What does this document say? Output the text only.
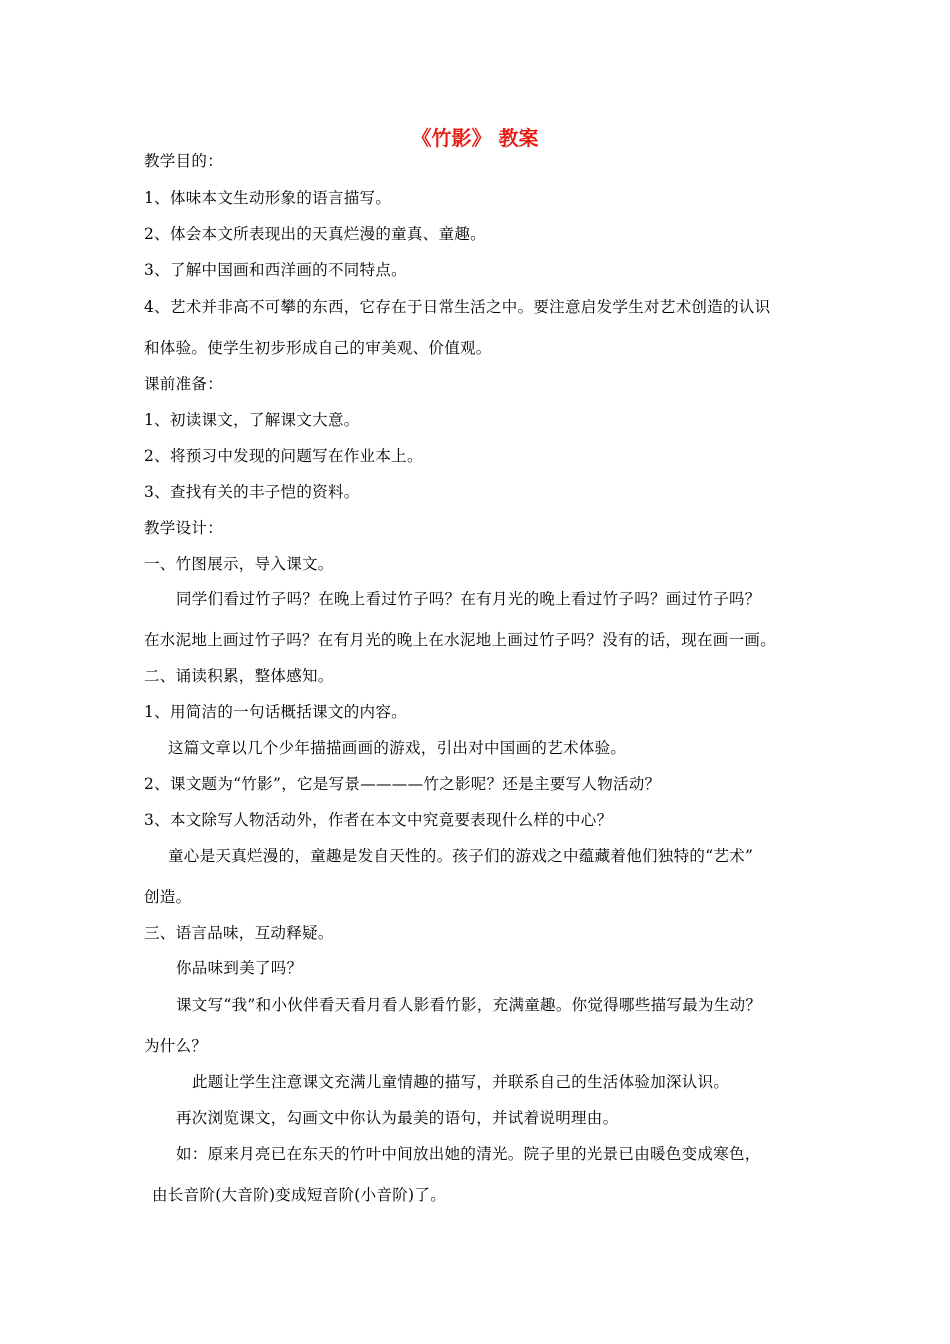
《竹影》 教案
教学目的：
1、体味本文生动形象的语言描写。
2、体会本文所表现出的天真烂漫的童真、童趣。
3、了解中国画和西洋画的不同特点。
4、艺术并非高不可攀的东西，它存在于日常生活之中。要注意启发学生对艺术创造的认识
和体验。使学生初步形成自己的审美观、价值观。
课前准备：
1、初读课文，了解课文大意。
2、将预习中发现的问题写在作业本上。
3、查找有关的丰子恺的资料。
教学设计：
一、竹图展示，导入课文。
同学们看过竹子吗？在晚上看过竹子吗？在有月光的晚上看过竹子吗？画过竹子吗？
在水泥地上画过竹子吗？在有月光的晚上在水泥地上画过竹子吗？没有的话，现在画一画。
二、诵读积累，整体感知。
1、用简洁的一句话概括课文的内容。
这篇文章以几个少年描描画画的游戏，引出对中国画的艺术体验。
2、课文题为“竹影”，它是写景————竹之影呢？还是主要写人物活动？
3、本文除写人物活动外，作者在本文中究竟要表现什么样的中心？
童心是天真烂漫的，童趣是发自天性的。孩子们的游戏之中蕴藏着他们独特的“艺术”
创造。
三、语言品味，互动释疑。
你品味到美了吗？
课文写“我”和小伙伴看天看月看人影看竹影，充满童趣。你觉得哪些描写最为生动？
为什么？
此题让学生注意课文充满儿童情趣的描写，并联系自己的生活体验加深认识。
再次浏览课文，勾画文中你认为最美的语句，并试着说明理由。
如：原来月亮已在东天的竹叶中间放出她的清光。院子里的光景已由暖色变成寒色，
由长音阶(大音阶)变成短音阶(小音阶)了。
